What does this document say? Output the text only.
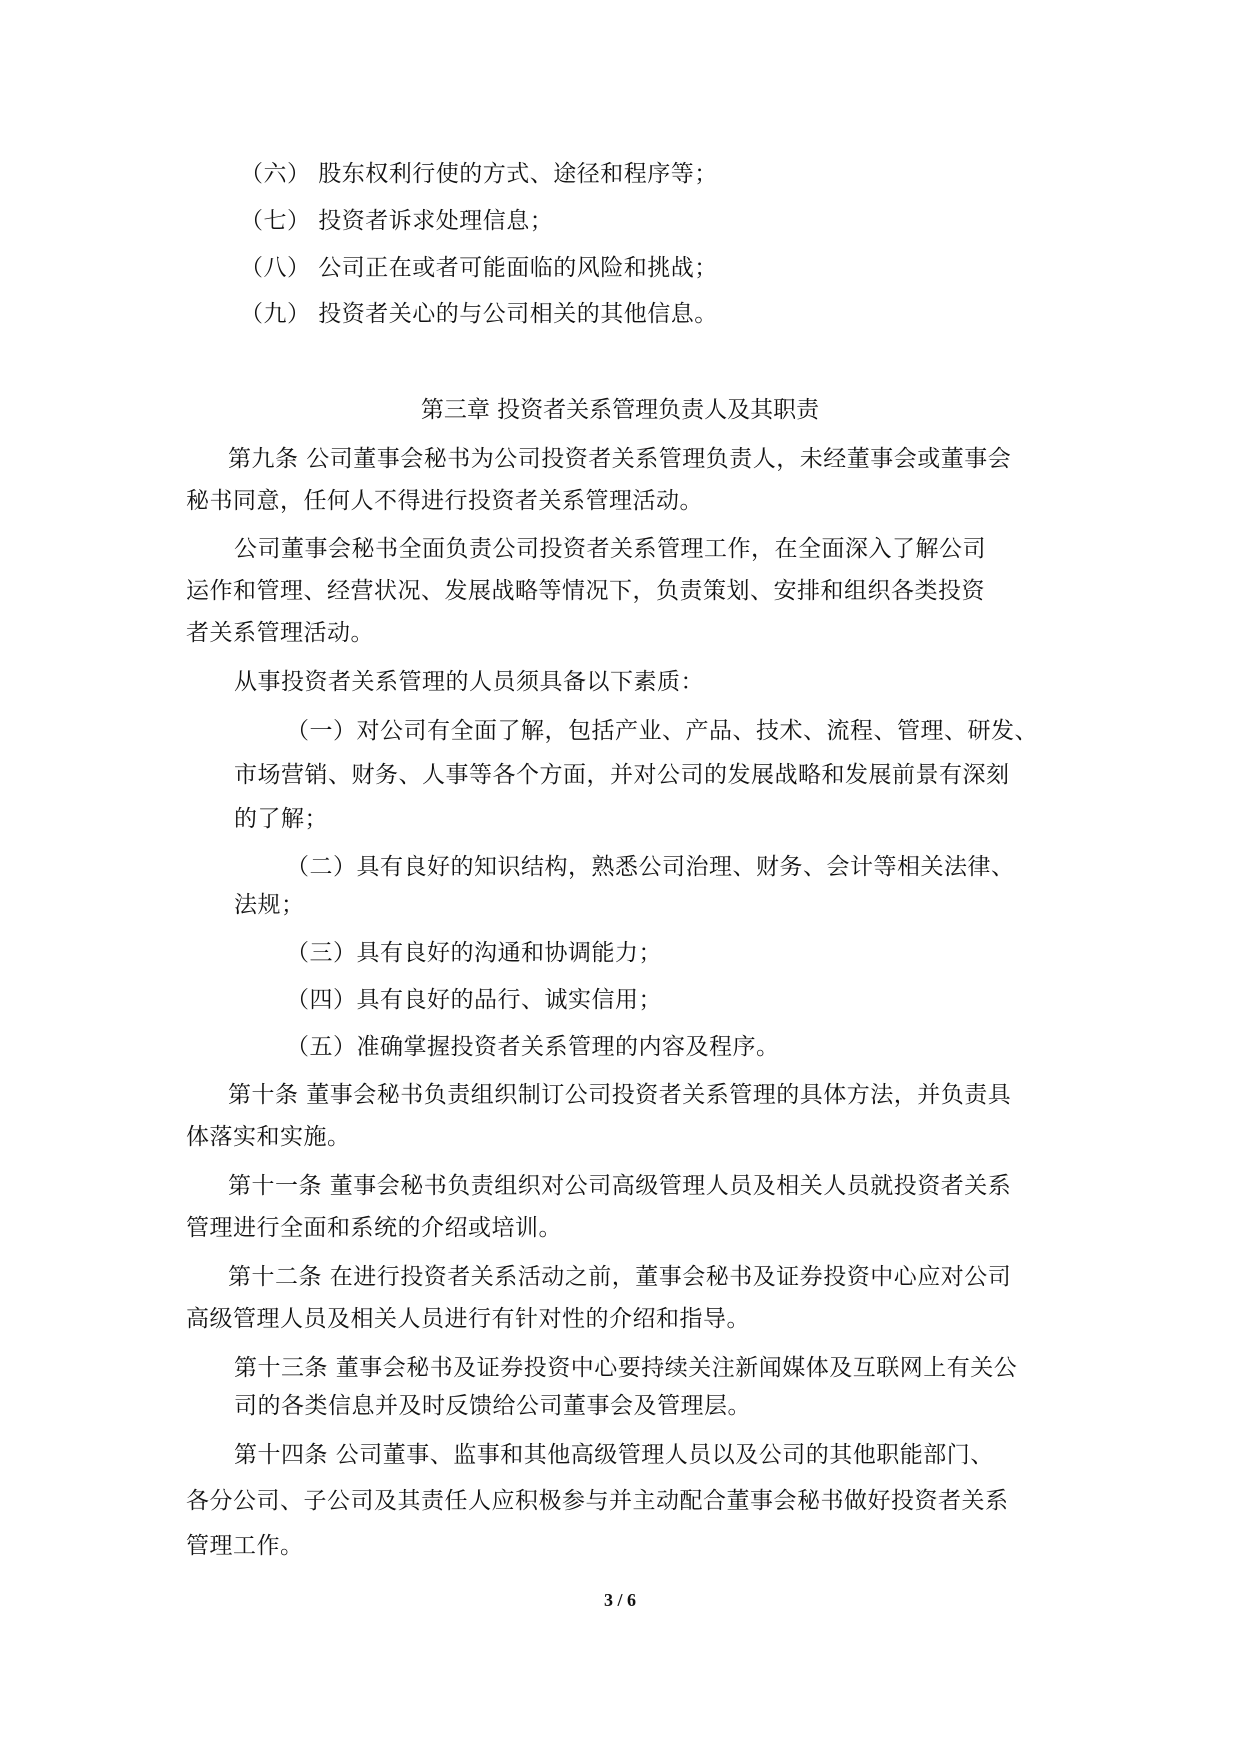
（六） 股东权利行使的方式、途径和程序等；
（七） 投资者诉求处理信息；
（八） 公司正在或者可能面临的风险和挑战；
（九） 投资者关心的与公司相关的其他信息。
第三章 投资者关系管理负责人及其职责
第九条 公司董事会秘书为公司投资者关系管理负责人，未经董事会或董事会
秘书同意，任何人不得进行投资者关系管理活动。
公司董事会秘书全面负责公司投资者关系管理工作，在全面深入了解公司
运作和管理、经营状况、发展战略等情况下，负责策划、安排和组织各类投资
者关系管理活动。
从事投资者关系管理的人员须具备以下素质：
（一）对公司有全面了解，包括产业、产品、技术、流程、管理、研发、
市场营销、财务、人事等各个方面，并对公司的发展战略和发展前景有深刻
的了解；
（二）具有良好的知识结构，熟悉公司治理、财务、会计等相关法律、
法规；
（三）具有良好的沟通和协调能力；
（四）具有良好的品行、诚实信用；
（五）准确掌握投资者关系管理的内容及程序。
第十条 董事会秘书负责组织制订公司投资者关系管理的具体方法，并负责具
体落实和实施。
第十一条 董事会秘书负责组织对公司高级管理人员及相关人员就投资者关系
管理进行全面和系统的介绍或培训。
第十二条 在进行投资者关系活动之前，董事会秘书及证券投资中心应对公司
高级管理人员及相关人员进行有针对性的介绍和指导。
第十三条 董事会秘书及证券投资中心要持续关注新闻媒体及互联网上有关公
司的各类信息并及时反馈给公司董事会及管理层。
第十四条 公司董事、监事和其他高级管理人员以及公司的其他职能部门、
各分公司、子公司及其责任人应积极参与并主动配合董事会秘书做好投资者关系
管理工作。
3 / 6
